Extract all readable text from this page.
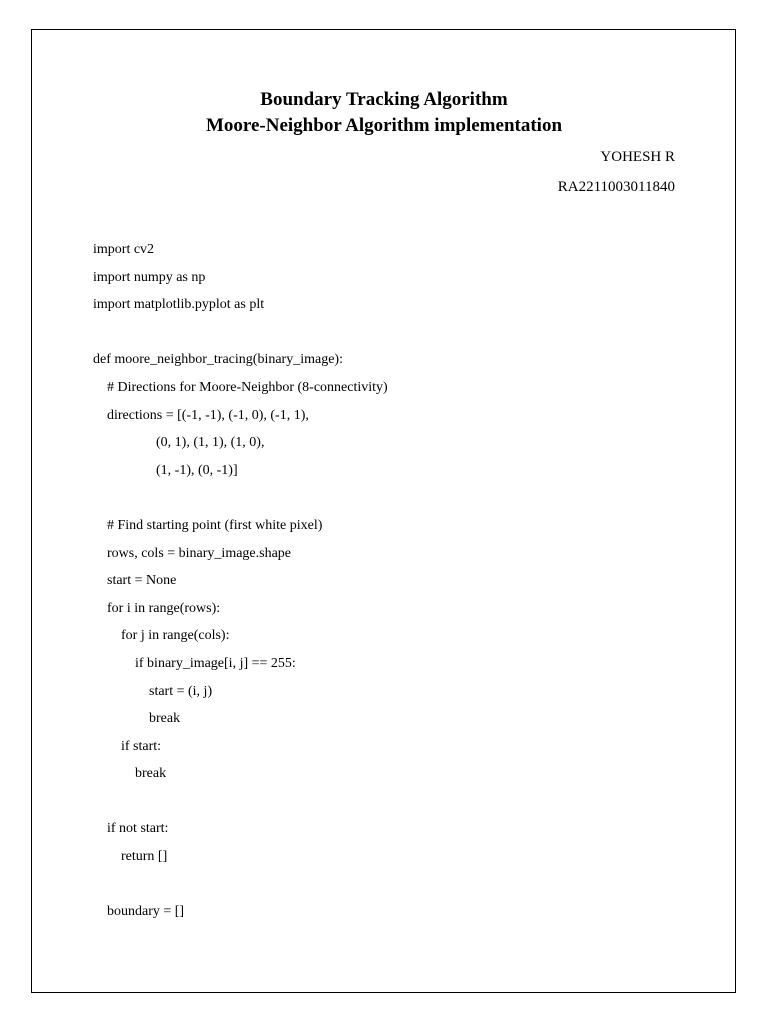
Boundary Tracking Algorithm
Moore-Neighbor Algorithm implementation
YOHESH R
RA2211003011840
import cv2
import numpy as np
import matplotlib.pyplot as plt
def moore_neighbor_tracing(binary_image):
# Directions for Moore-Neighbor (8-connectivity)
directions = [(-1, -1), (-1, 0), (-1, 1),
(0, 1), (1, 1), (1, 0),
(1, -1), (0, -1)]
# Find starting point (first white pixel)
rows, cols = binary_image.shape
start = None
for i in range(rows):
for j in range(cols):
if binary_image[i, j] == 255:
start = (i, j)
break
if start:
break
if not start:
return []
boundary = []
